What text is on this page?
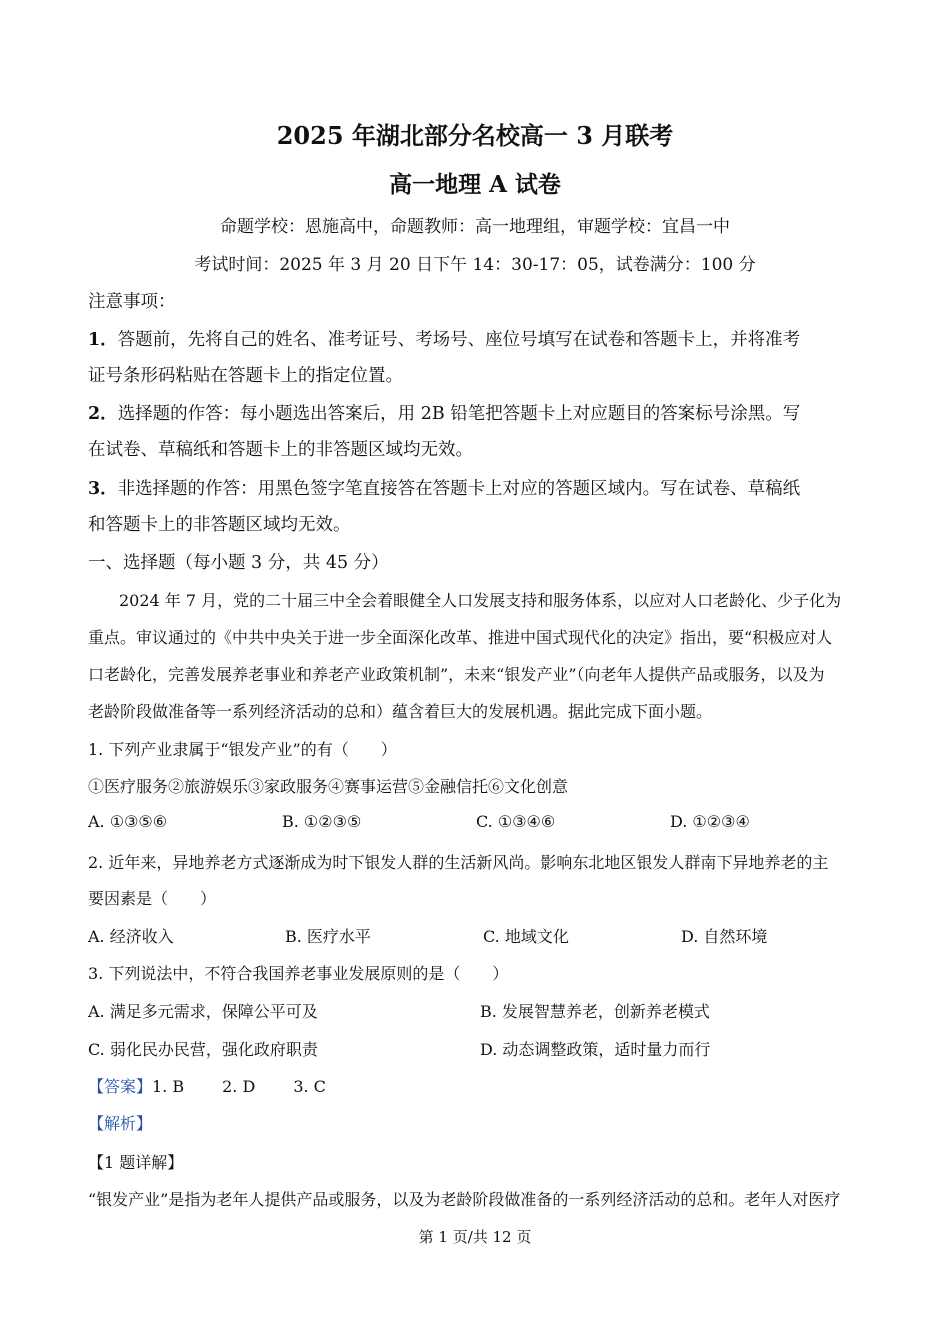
2025 年湖北部分名校高一 3 月联考
高一地理 A 试卷
命题学校：恩施高中，命题教师：高一地理组，审题学校：宜昌一中
考试时间：2025 年 3 月 20 日下午 14：30-17：05，试卷满分：100 分
注意事项：
1．答题前，先将自己的姓名、准考证号、考场号、座位号填写在试卷和答题卡上，并将准考
证号条形码粘贴在答题卡上的指定位置。
2．选择题的作答：每小题选出答案后，用 2B 铅笔把答题卡上对应题目的答案标号涂黑。写
在试卷、草稿纸和答题卡上的非答题区域均无效。
3．非选择题的作答：用黑色签字笔直接答在答题卡上对应的答题区域内。写在试卷、草稿纸
和答题卡上的非答题区域均无效。
一、选择题（每小题 3 分，共 45 分）
2024 年 7 月，党的二十届三中全会着眼健全人口发展支持和服务体系，以应对人口老龄化、少子化为
重点。审议通过的《中共中央关于进一步全面深化改革、推进中国式现代化的决定》指出，要“积极应对人
口老龄化，完善发展养老事业和养老产业政策机制”，未来“银发产业”（向老年人提供产品或服务，以及为
老龄阶段做准备等一系列经济活动的总和）蕴含着巨大的发展机遇。据此完成下面小题。
1. 下列产业隶属于“银发产业”的有（　　）
①医疗服务②旅游娱乐③家政服务④赛事运营⑤金融信托⑥文化创意
A. ①③⑤⑥	B. ①②③⑤	C. ①③④⑥	D. ①②③④
2. 近年来，异地养老方式逐渐成为时下银发人群的生活新风尚。影响东北地区银发人群南下异地养老的主
要因素是（　　）
A. 经济收入	B. 医疗水平	C. 地域文化	D. 自然环境
3. 下列说法中，不符合我国养老事业发展原则的是（　　）
A. 满足多元需求，保障公平可及	B. 发展智慧养老，创新养老模式
C. 弱化民办民营，强化政府职责	D. 动态调整政策，适时量力而行
【答案】1. B 2. D 3. C
【解析】
【1 题详解】
“银发产业”是指为老年人提供产品或服务，以及为老龄阶段做准备的一系列经济活动的总和。老年人对医疗
第 1 页/共 12 页
